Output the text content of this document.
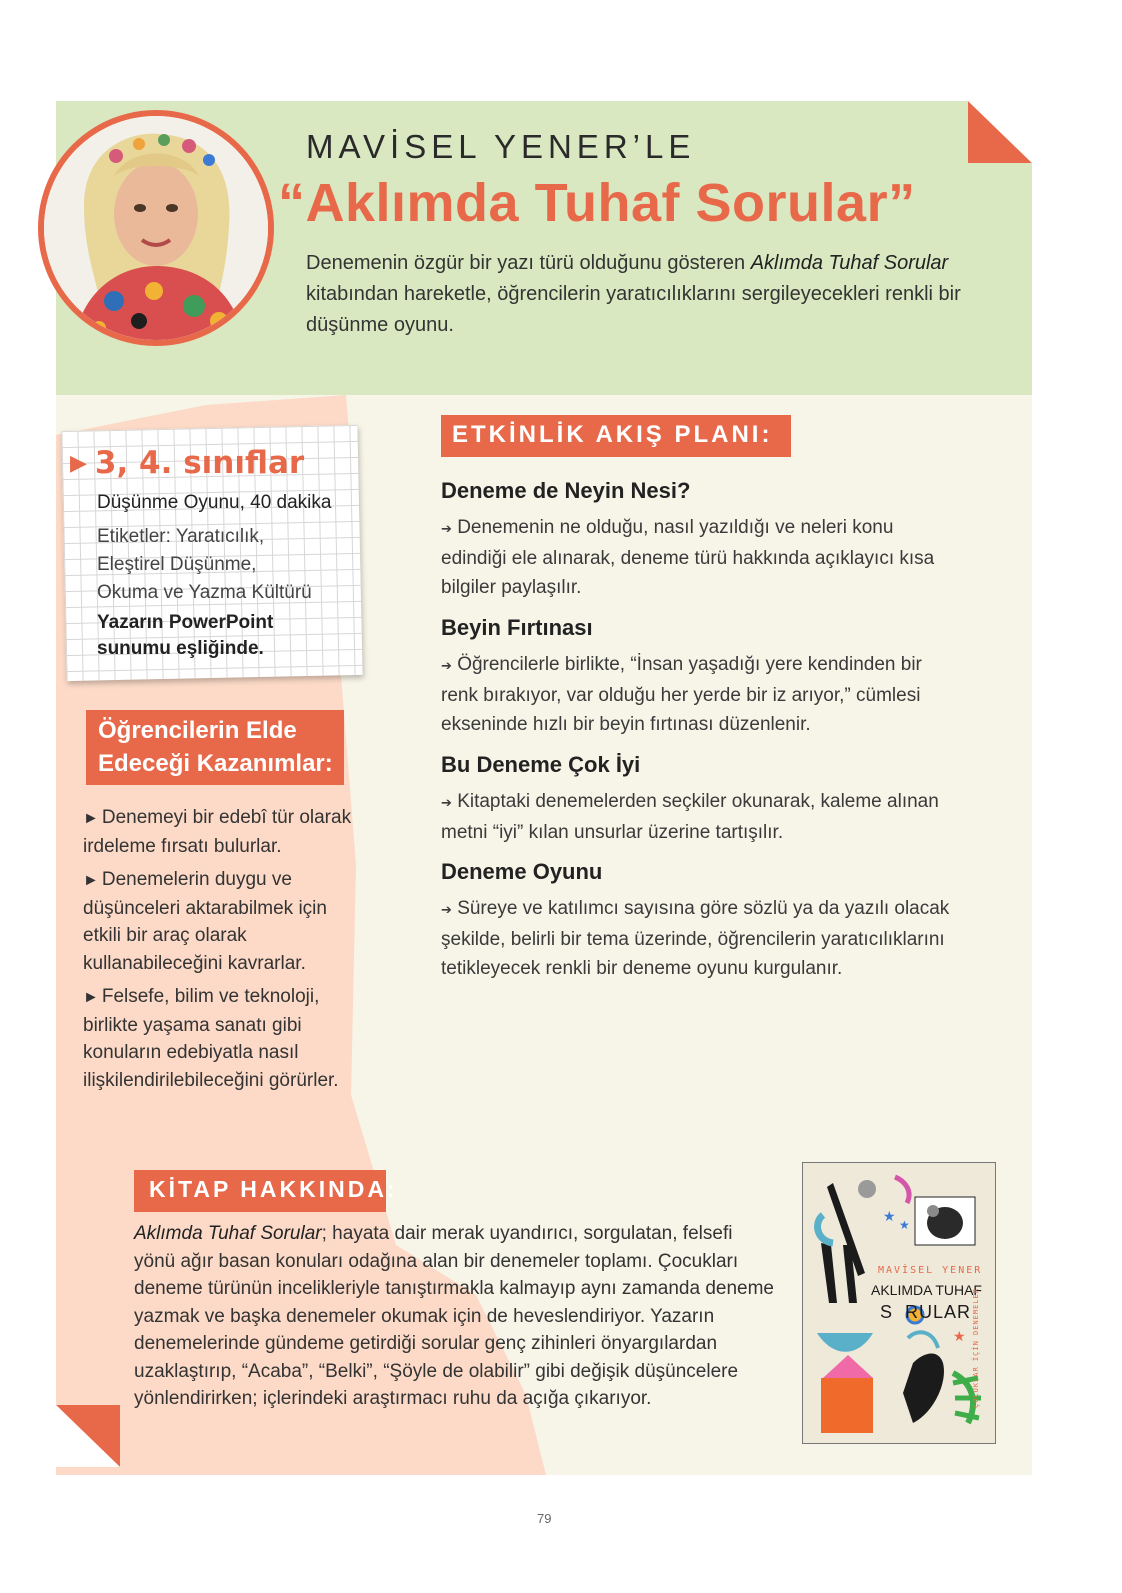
MAVİSEL YENER’LE
“Aklımda Tuhaf Sorular”
Denemenin özgür bir yazı türü olduğunu gösteren Aklımda Tuhaf Sorular kitabından hareketle, öğrencilerin yaratıcılıklarını sergileyecekleri renkli bir düşünme oyunu.
▶ 3, 4. sınıflar
Düşünme Oyunu, 40 dakika
Etiketler: Yaratıcılık,
Eleştirel Düşünme,
Okuma ve Yazma Kültürü
Yazarın PowerPoint
sunumu eşliğinde.
Öğrencilerin Elde
Edeceği Kazanımlar:
► Denemeyi bir edebî tür olarak irdeleme fırsatı bulurlar.
► Denemelerin duygu ve düşünceleri aktarabilmek için etkili bir araç olarak kullanabileceğini kavrarlar.
► Felsefe, bilim ve teknoloji, birlikte yaşama sanatı gibi konuların edebiyatla nasıl ilişkilendirilebileceğini görürler.
ETKİNLİK AKIŞ PLANI:
Deneme de Neyin Nesi?
➔ Denemenin ne olduğu, nasıl yazıldığı ve neleri konu edindiği ele alınarak, deneme türü hakkında açıklayıcı kısa bilgiler paylaşılır.
Beyin Fırtınası
➔ Öğrencilerle birlikte, “İnsan yaşadığı yere kendinden bir renk bırakıyor, var olduğu her yerde bir iz arıyor,” cümlesi ekseninde hızlı bir beyin fırtınası düzenlenir.
Bu Deneme Çok İyi
➔ Kitaptaki denemelerden seçkiler okunarak, kaleme alınan metni “iyi” kılan unsurlar üzerine tartışılır.
Deneme Oyunu
➔ Süreye ve katılımcı sayısına göre sözlü ya da yazılı olacak şekilde, belirli bir tema üzerinde, öğrencilerin yaratıcılıklarını tetikleyecek renkli bir deneme oyunu kurgulanır.
KİTAP HAKKINDA:
Aklımda Tuhaf Sorular; hayata dair merak uyandırıcı, sorgulatan, felsefi yönü ağır basan konuları odağına alan bir denemeler toplamı. Çocukları deneme türünün incelikleriyle tanıştırmakla kalmayıp aynı zamanda deneme yazmak ve başka denemeler okumak için de heveslendiriyor. Yazarın denemelerinde gündeme getirdiği sorular genç zihinleri önyargılardan uzaklaştırıp, “Acaba”, “Belki”, “Şöyle de olabilir” gibi değişik düşüncelere yönlendirirken; içlerindeki araştırmacı ruhu da açığa çıkarıyor.
★
★
★
MAVİSEL YENER
AKLIMDA TUHAF
S  RULAR ÇOCUKLAR İÇİN DENEMELER
79
